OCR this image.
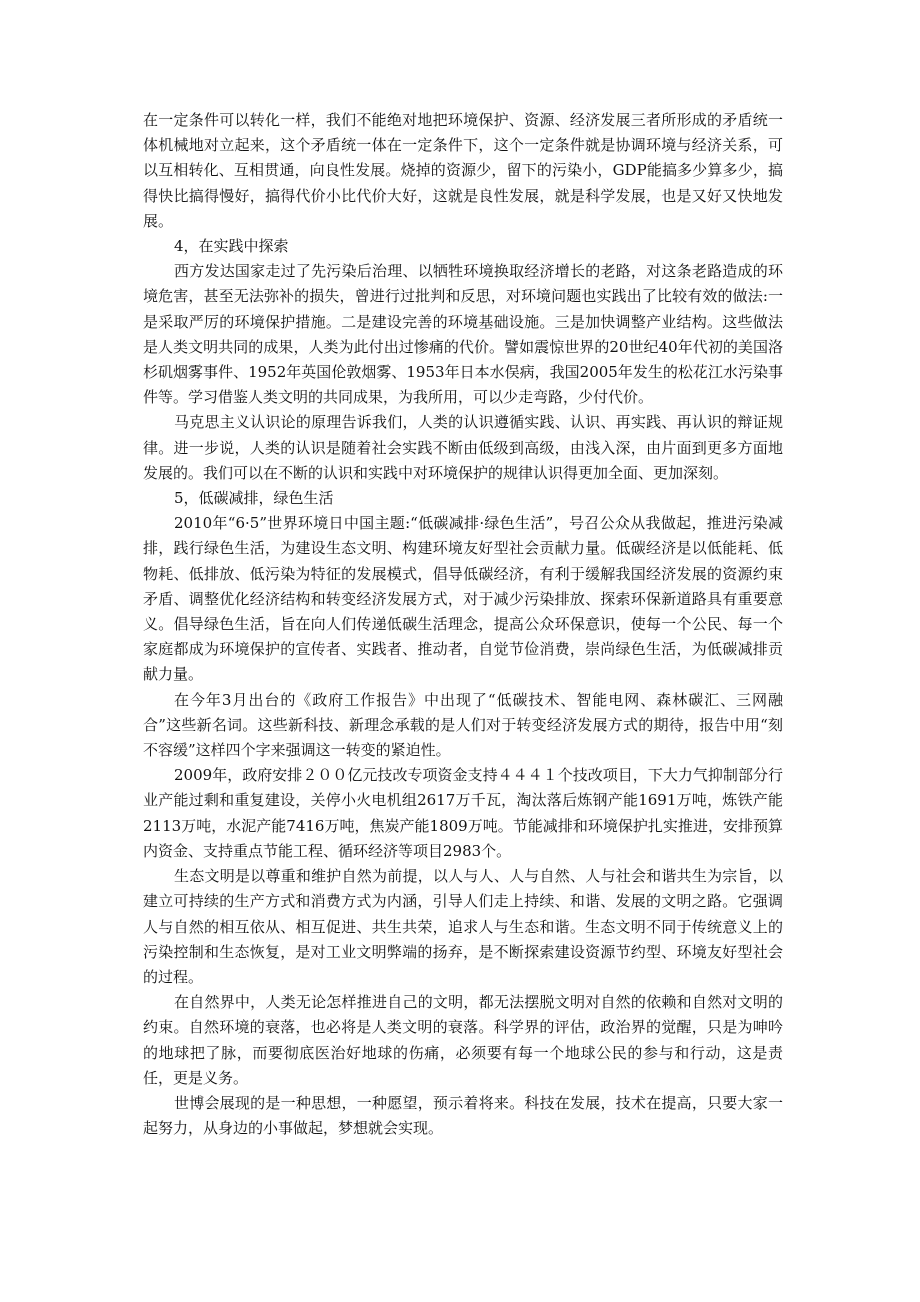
在一定条件可以转化一样，我们不能绝对地把环境保护、资源、经济发展三者所形成的矛盾统一体机械地对立起来，这个矛盾统一体在一定条件下，这个一定条件就是协调环境与经济关系，可以互相转化、互相贯通，向良性发展。烧掉的资源少，留下的污染小，GDP能搞多少算多少，搞得快比搞得慢好，搞得代价小比代价大好，这就是良性发展，就是科学发展，也是又好又快地发展。

4，在实践中探索

西方发达国家走过了先污染后治理、以牺牲环境换取经济增长的老路，对这条老路造成的环境危害，甚至无法弥补的损失，曾进行过批判和反思，对环境问题也实践出了比较有效的做法:一是采取严厉的环境保护措施。二是建设完善的环境基础设施。三是加快调整产业结构。这些做法是人类文明共同的成果，人类为此付出过惨痛的代价。譬如震惊世界的20世纪40年代初的美国洛杉矶烟雾事件、1952年英国伦敦烟雾、1953年日本水俣病，我国2005年发生的松花江水污染事件等。学习借鉴人类文明的共同成果，为我所用，可以少走弯路，少付代价。

马克思主义认识论的原理告诉我们，人类的认识遵循实践、认识、再实践、再认识的辩证规律。进一步说，人类的认识是随着社会实践不断由低级到高级，由浅入深，由片面到更多方面地发展的。我们可以在不断的认识和实践中对环境保护的规律认识得更加全面、更加深刻。

5，低碳减排，绿色生活

2010年“6·5”世界环境日中国主题:“低碳减排·绿色生活”，号召公众从我做起，推进污染减排，践行绿色生活，为建设生态文明、构建环境友好型社会贡献力量。低碳经济是以低能耗、低物耗、低排放、低污染为特征的发展模式，倡导低碳经济，有利于缓解我国经济发展的资源约束矛盾、调整优化经济结构和转变经济发展方式，对于减少污染排放、探索环保新道路具有重要意义。倡导绿色生活，旨在向人们传递低碳生活理念，提高公众环保意识，使每一个公民、每一个家庭都成为环境保护的宣传者、实践者、推动者，自觉节俭消费，崇尚绿色生活，为低碳减排贡献力量。

在今年3月出台的《政府工作报告》中出现了“低碳技术、智能电网、森林碳汇、三网融合”这些新名词。这些新科技、新理念承载的是人们对于转变经济发展方式的期待，报告中用“刻不容缓”这样四个字来强调这一转变的紧迫性。

2009年，政府安排２００亿元技改专项资金支持４４４１个技改项目，下大力气抑制部分行业产能过剩和重复建设，关停小火电机组2617万千瓦，淘汰落后炼钢产能1691万吨，炼铁产能2113万吨，水泥产能7416万吨，焦炭产能1809万吨。节能减排和环境保护扎实推进，安排预算内资金、支持重点节能工程、循环经济等项目2983个。

生态文明是以尊重和维护自然为前提，以人与人、人与自然、人与社会和谐共生为宗旨，以建立可持续的生产方式和消费方式为内涵，引导人们走上持续、和谐、发展的文明之路。它强调人与自然的相互依从、相互促进、共生共荣，追求人与生态和谐。生态文明不同于传统意义上的污染控制和生态恢复，是对工业文明弊端的扬弃，是不断探索建设资源节约型、环境友好型社会的过程。

在自然界中，人类无论怎样推进自己的文明，都无法摆脱文明对自然的依赖和自然对文明的约束。自然环境的衰落，也必将是人类文明的衰落。科学界的评估，政治界的觉醒，只是为呻吟的地球把了脉，而要彻底医治好地球的伤痛，必须要有每一个地球公民的参与和行动，这是责任，更是义务。

世博会展现的是一种思想，一种愿望，预示着将来。科技在发展，技术在提高，只要大家一起努力，从身边的小事做起，梦想就会实现。
